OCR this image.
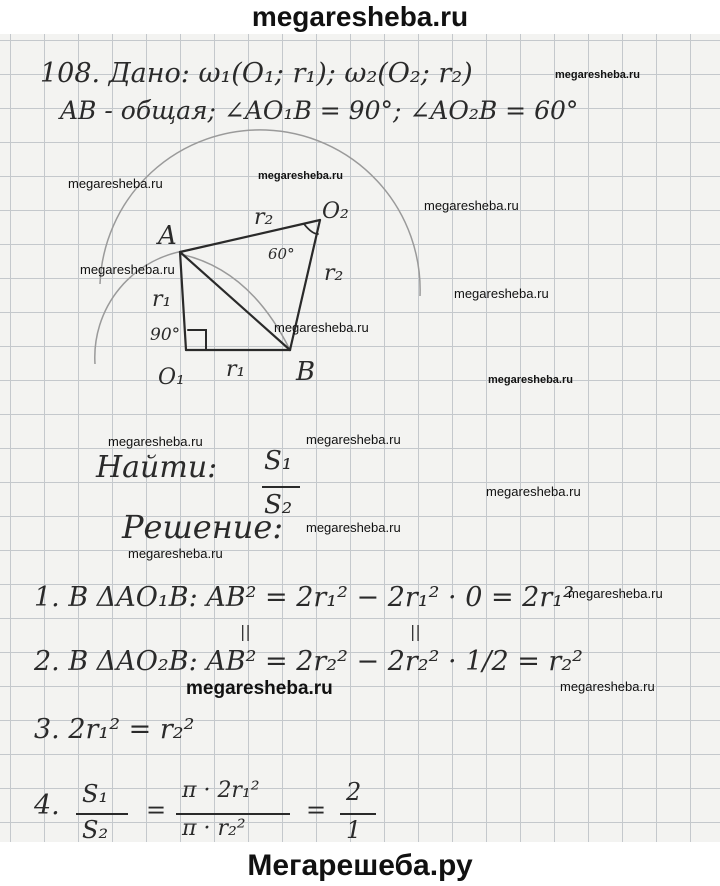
megaresheba.ru
A
B
O₁
O₂
r₂
r₂
r₁
r₁
60°
90°
108. Дано: ω₁(O₁; r₁); ω₂(O₂; r₂)
AB - общая; ∠AO₁B = 90°; ∠AO₂B = 60°
Найти: S₁
S₂
Решение:
1. В ΔAO₁B: AB² = 2r₁² − 2r₁² · 0 = 2r₁²
||
2. В ΔAO₂B: AB² = 2r₂² − 2r₂² · 1/2 = r₂²
||
3. 2r₁² = r₂²
4. S₁
S₂
=
π · 2r₁²
π · r₂²
=
2
1
megaresheba.ru
megaresheba.ru
megaresheba.ru
megaresheba.ru
megaresheba.ru
megaresheba.ru
megaresheba.ru
megaresheba.ru
megaresheba.ru	megaresheba.ru
megaresheba.ru
megaresheba.ru
megaresheba.ru
megaresheba.ru
megaresheba.ru	megaresheba.ru
Мегарешеба.ру
